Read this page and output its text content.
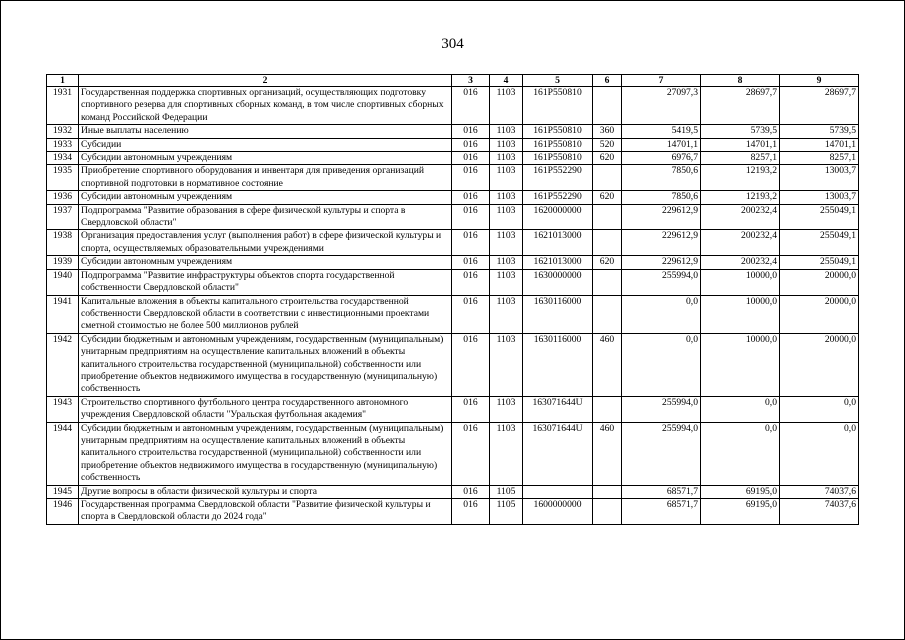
304
1	2	3	4	5	6	7	8	9
1931	Государственная поддержка спортивных организаций, осуществляющих подготовку спортивного резерва для спортивных сборных команд, в том числе спортивных сборных команд Российской Федерации	016	1103	161P550810		27097,3	28697,7	28697,7
1932	Иные выплаты населению	016	1103	161P550810	360	5419,5	5739,5	5739,5
1933	Субсидии	016	1103	161P550810	520	14701,1	14701,1	14701,1
1934	Субсидии автономным учреждениям	016	1103	161P550810	620	6976,7	8257,1	8257,1
1935	Приобретение спортивного оборудования и инвентаря для приведения организаций спортивной подготовки в нормативное состояние	016	1103	161P552290		7850,6	12193,2	13003,7
1936	Субсидии автономным учреждениям	016	1103	161P552290	620	7850,6	12193,2	13003,7
1937	Подпрограмма "Развитие образования в сфере физической культуры и спорта в Свердловской области"	016	1103	1620000000		229612,9	200232,4	255049,1
1938	Организация предоставления услуг (выполнения работ) в сфере физической культуры и спорта, осуществляемых образовательными учреждениями	016	1103	1621013000		229612,9	200232,4	255049,1
1939	Субсидии автономным учреждениям	016	1103	1621013000	620	229612,9	200232,4	255049,1
1940	Подпрограмма "Развитие инфраструктуры объектов спорта государственной собственности Свердловской области"	016	1103	1630000000		255994,0	10000,0	20000,0
1941	Капитальные вложения в объекты капитального строительства государственной собственности Свердловской области в соответствии с инвестиционными проектами сметной стоимостью не более 500 миллионов рублей	016	1103	1630116000		0,0	10000,0	20000,0
1942	Субсидии бюджетным и автономным учреждениям, государственным (муниципальным) унитарным предприятиям на осуществление капитальных вложений в объекты капитального строительства государственной (муниципальной) собственности или приобретение объектов недвижимого имущества в государственную (муниципальную) собственность	016	1103	1630116000	460	0,0	10000,0	20000,0
1943	Строительство спортивного футбольного центра государственного автономного учреждения Свердловской области "Уральская футбольная академия"	016	1103	163071644U		255994,0	0,0	0,0
1944	Субсидии бюджетным и автономным учреждениям, государственным (муниципальным) унитарным предприятиям на осуществление капитальных вложений в объекты капитального строительства государственной (муниципальной) собственности или приобретение объектов недвижимого имущества в государственную (муниципальную) собственность	016	1103	163071644U	460	255994,0	0,0	0,0
1945	Другие вопросы в области физической культуры и спорта	016	1105			68571,7	69195,0	74037,6
1946	Государственная программа Свердловской области "Развитие физической культуры и спорта в Свердловской области до 2024 года"	016	1105	1600000000		68571,7	69195,0	74037,6
